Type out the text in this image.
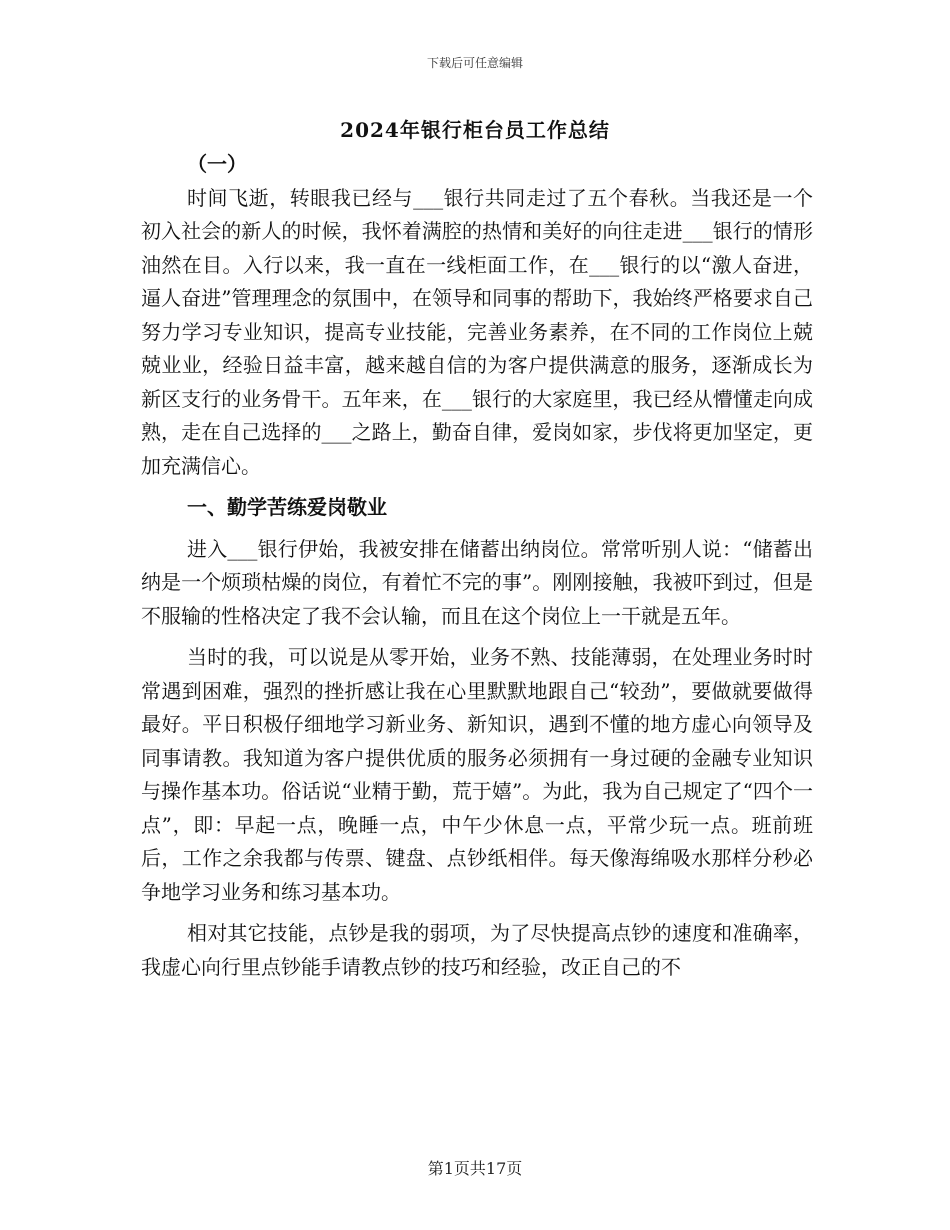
下载后可任意编辑
2024年银行柜台员工作总结

（一）

时间飞逝，转眼我已经与___银行共同走过了五个春秋。当我还是一个初入社会的新人的时候，我怀着满腔的热情和美好的向往走进___银行的情形油然在目。入行以来，我一直在一线柜面工作，在___银行的以“激人奋进，逼人奋进”管理理念的氛围中，在领导和同事的帮助下，我始终严格要求自己努力学习专业知识，提高专业技能，完善业务素养，在不同的工作岗位上兢兢业业，经验日益丰富，越来越自信的为客户提供满意的服务，逐渐成长为新区支行的业务骨干。五年来，在___银行的大家庭里，我已经从懵懂走向成熟，走在自己选择的___之路上，勤奋自律，爱岗如家，步伐将更加坚定，更加充满信心。

一、勤学苦练爱岗敬业

进入___银行伊始，我被安排在储蓄出纳岗位。常常听别人说：“储蓄出纳是一个烦琐枯燥的岗位，有着忙不完的事”。刚刚接触，我被吓到过，但是不服输的性格决定了我不会认输，而且在这个岗位上一干就是五年。

当时的我，可以说是从零开始，业务不熟、技能薄弱，在处理业务时时常遇到困难，强烈的挫折感让我在心里默默地跟自己“较劲”，要做就要做得最好。平日积极仔细地学习新业务、新知识，遇到不懂的地方虚心向领导及同事请教。我知道为客户提供优质的服务必须拥有一身过硬的金融专业知识与操作基本功。俗话说“业精于勤，荒于嬉”。为此，我为自己规定了“四个一点”，即：早起一点，晚睡一点，中午少休息一点，平常少玩一点。班前班后，工作之余我都与传票、键盘、点钞纸相伴。每天像海绵吸水那样分秒必争地学习业务和练习基本功。

相对其它技能，点钞是我的弱项，为了尽快提高点钞的速度和准确率，我虚心向行里点钞能手请教点钞的技巧和经验，改正自己的不

第1页共17页
